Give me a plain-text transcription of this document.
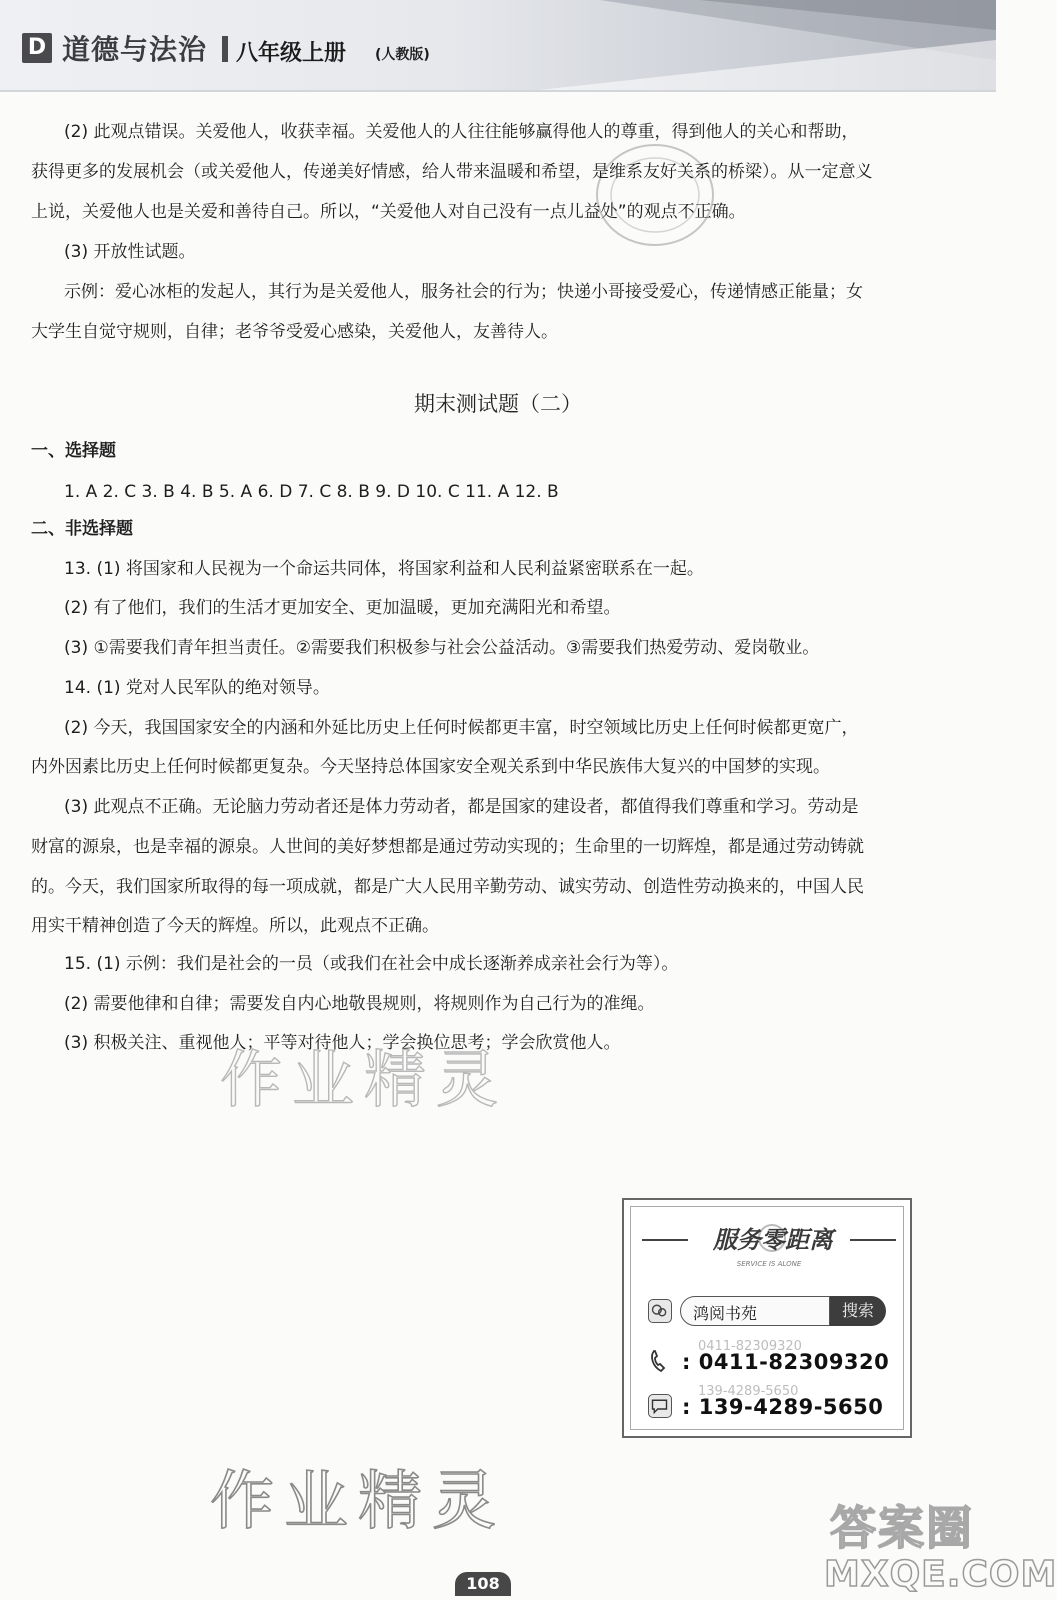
D 道德与法治 八年级上册 (人教版)
(2) 此观点错误。关爱他人，收获幸福。关爱他人的人往往能够赢得他人的尊重，得到他人的关心和帮助，
获得更多的发展机会（或关爱他人，传递美好情感，给人带来温暖和希望，是维系友好关系的桥梁）。从一定意义
上说，关爱他人也是关爱和善待自己。所以，“关爱他人对自己没有一点儿益处”的观点不正确。
(3) 开放性试题。
示例：爱心冰柜的发起人，其行为是关爱他人，服务社会的行为；快递小哥接受爱心，传递情感正能量；女
大学生自觉守规则，自律；老爷爷受爱心感染，关爱他人，友善待人。
期末测试题（二）
一、选择题
1. A 2. C 3. B 4. B 5. A 6. D 7. C 8. B 9. D 10. C 11. A 12. B
二、非选择题
13. (1) 将国家和人民视为一个命运共同体，将国家利益和人民利益紧密联系在一起。
(2) 有了他们，我们的生活才更加安全、更加温暖，更加充满阳光和希望。
(3) ①需要我们青年担当责任。②需要我们积极参与社会公益活动。③需要我们热爱劳动、爱岗敬业。
14. (1) 党对人民军队的绝对领导。
(2) 今天，我国国家安全的内涵和外延比历史上任何时候都更丰富，时空领域比历史上任何时候都更宽广，
内外因素比历史上任何时候都更复杂。今天坚持总体国家安全观关系到中华民族伟大复兴的中国梦的实现。
(3) 此观点不正确。无论脑力劳动者还是体力劳动者，都是国家的建设者，都值得我们尊重和学习。劳动是
财富的源泉，也是幸福的源泉。人世间的美好梦想都是通过劳动实现的；生命里的一切辉煌，都是通过劳动铸就
的。今天，我们国家所取得的每一项成就，都是广大人民用辛勤劳动、诚实劳动、创造性劳动换来的，中国人民
用实干精神创造了今天的辉煌。所以，此观点不正确。
15. (1) 示例：我们是社会的一员（或我们在社会中成长逐渐养成亲社会行为等）。
(2) 需要他律和自律；需要发自内心地敬畏规则，将规则作为自己行为的准绳。
(3) 积极关注、重视他人；平等对待他人；学会换位思考；学会欣赏他人。
作业精灵
作业精灵
服务零距离
SERVICE IS ALONE
鸿阅书苑	搜索
0411-82309320
: 0411-82309320
139-4289-5650
: 139-4289-5650
答案圈
MXQE.COM
108
